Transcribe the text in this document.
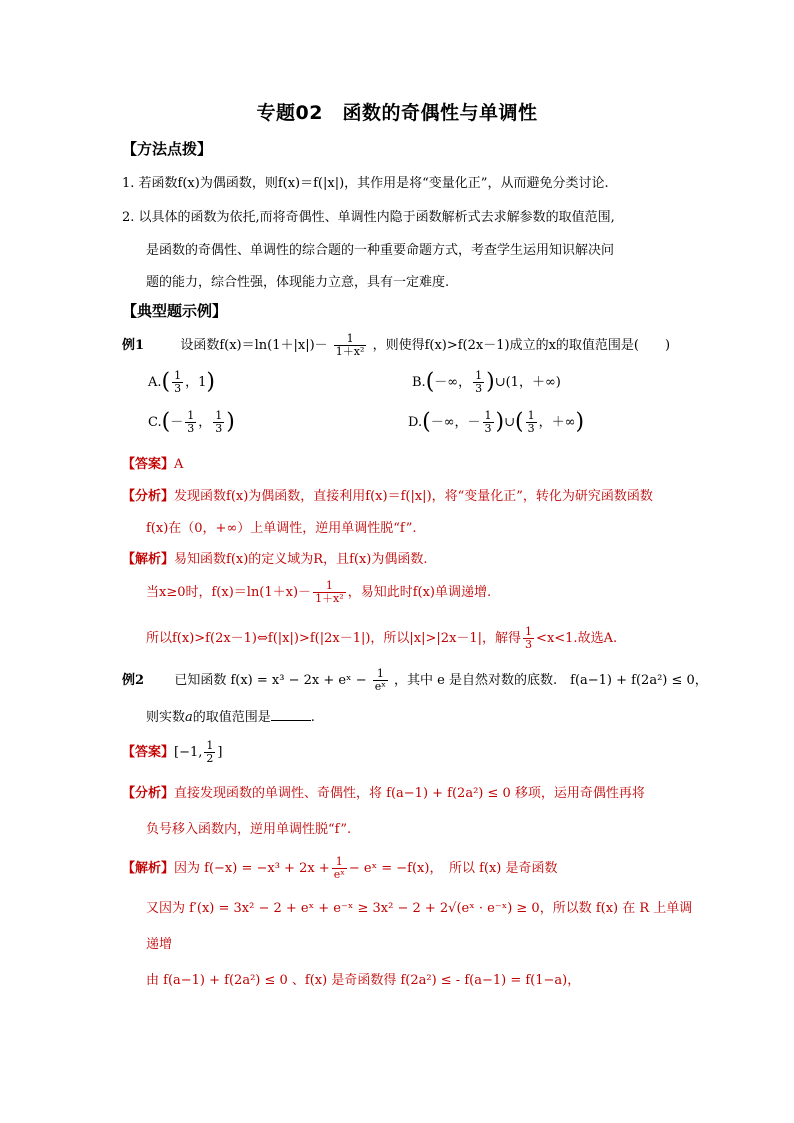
专题02　函数的奇偶性与单调性
【方法点拨】
1. 若函数f(x)为偶函数，则f(x)＝f(|x|)，其作用是将“变量化正”，从而避免分类讨论.
2. 以具体的函数为依托,而将奇偶性、单调性内隐于函数解析式去求解参数的取值范围,
是函数的奇偶性、单调性的综合题的一种重要命题方式，考查学生运用知识解决问
题的能力，综合性强，体现能力立意，具有一定难度.
【典型题示例】
例1	设函数$f(x)=\ln(1+|x|)- \frac{1}{\text{1＋x²}}$ ，则使得f(x)>f(2x－1)成立的x的取值范围是(　　)
$A.( \frac{1}{3}$ ，1)	B.(－∞， $\frac{1}{3}$ )∪(1，＋∞)
$C.(- \frac{1}{3}$ ， $\frac{1}{3}$ )	D.(－∞，－ $\frac{1}{3}$ )∪( $\frac{1}{3}$ ，＋∞)
【答案】A
【分析】发现函数f(x)为偶函数，直接利用f(x)＝f(|x|)，将“变量化正”，转化为研究函数函数
f(x)在（0，+∞）上单调性，逆用单调性脱“f”.
【解析】易知函数f(x)的定义域为R，且f(x)为偶函数.
当x≥0时，$f(x)=\ln(1+x)- \frac{1}{\text{1＋x²}}$ ，易知此时f(x)单调递增.
所以f(x)>f(2x－1)⇔f(|x|)>f(|2x－1|)，所以|x|>|2x－1|，解得 $\frac{1}{3} <x<1$.故选A.
例2 已知函数 f(x) = x³ − 2x + eˣ − $\frac{1}{\text{eˣ}}$ ，其中 e 是自然对数的底数.　f(a−1) + f(2a²) ≤ 0，
则实数a的取值范围是	.
【答案】[−1, $\frac{1}{2}$ ]
【分析】直接发现函数的单调性、奇偶性，将 f(a−1) + f(2a²) ≤ 0 移项，运用奇偶性再将
负号移入函数内，逆用单调性脱“f”.
【解析】因为 $f(-x) = -x^3 + 2x + \frac{1}{\text{eˣ}}$ − eˣ = −f(x)，　所以 f(x) 是奇函数
又因为 f′(x) = 3x² − 2 + eˣ + e⁻ˣ ≥ 3x² − 2 + 2√(eˣ · e⁻ˣ) ≥ 0，所以数 f(x) 在 R 上单调
递增
由 f(a−1) + f(2a²) ≤ 0 、f(x) 是奇函数得 f(2a²) ≤ - f(a−1) = f(1−a)，
